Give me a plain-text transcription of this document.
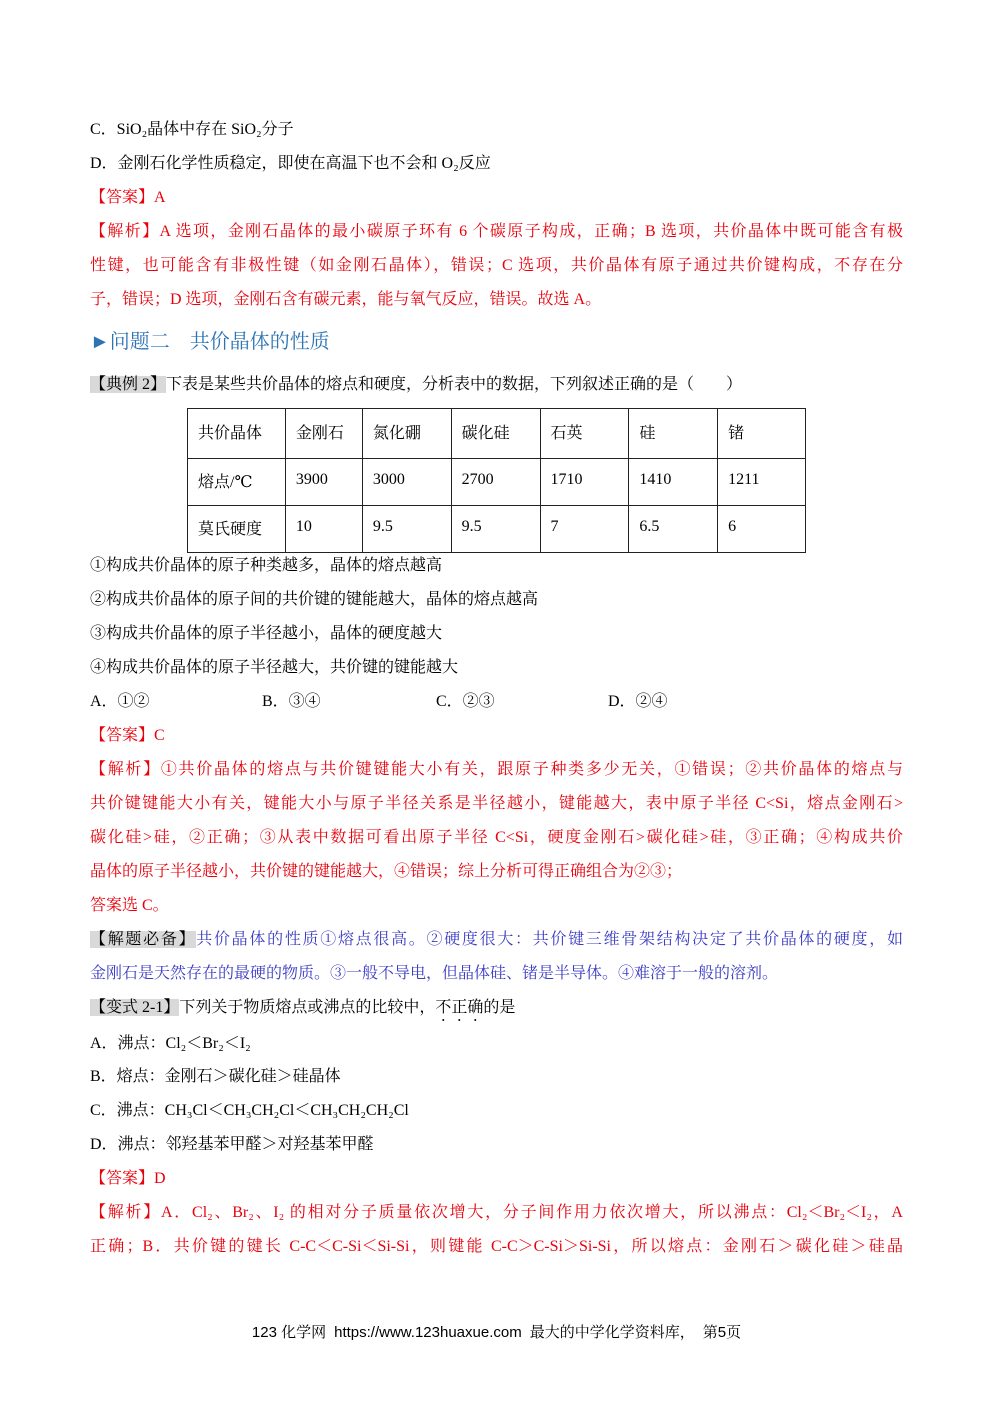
C．SiO₂晶体中存在 SiO₂分子
D．金刚石化学性质稳定，即使在高温下也不会和 O₂反应
【答案】A
【解析】A 选项，金刚石晶体的最小碳原子环有 6 个碳原子构成，正确；B 选项，共价晶体中既可能含有极
性键，也可能含有非极性键（如金刚石晶体），错误；C 选项，共价晶体有原子通过共价键构成，不存在分
子，错误；D 选项，金刚石含有碳元素，能与氧气反应，错误。故选 A。
►问题二 共价晶体的性质
【典例 2】下表是某些共价晶体的熔点和硬度，分析表中的数据，下列叙述正确的是（　　）
共价晶体	金刚石	氮化硼	碳化硅	石英	硅	锗
熔点/℃	3900	3000	2700	1710	1410	1211
莫氏硬度	10	9.5	9.5	7	6.5	6
①构成共价晶体的原子种类越多，晶体的熔点越高
②构成共价晶体的原子间的共价键的键能越大，晶体的熔点越高
③构成共价晶体的原子半径越小，晶体的硬度越大
④构成共价晶体的原子半径越大，共价键的键能越大
A．①②	B．③④	C．②③	D．②④
【答案】C
【解析】①共价晶体的熔点与共价键键能大小有关，跟原子种类多少无关，①错误；②共价晶体的熔点与
共价键键能大小有关，键能大小与原子半径关系是半径越小，键能越大，表中原子半径 C<Si，熔点金刚石>
碳化硅>硅，②正确；③从表中数据可看出原子半径 C<Si，硬度金刚石>碳化硅>硅，③正确；④构成共价
晶体的原子半径越小，共价键的键能越大，④错误；综上分析可得正确组合为②③；
答案选 C。
【解题必备】共价晶体的性质①熔点很高。②硬度很大：共价键三维骨架结构决定了共价晶体的硬度，如
金刚石是天然存在的最硬的物质。③一般不导电，但晶体硅、锗是半导体。④难溶于一般的溶剂。
【变式 2-1】下列关于物质熔点或沸点的比较中，不正确的是
A．沸点：Cl₂＜Br₂＜I₂
B．熔点：金刚石＞碳化硅＞硅晶体
C．沸点：CH₃Cl＜CH₃CH₂Cl＜CH₃CH₂CH₂Cl
D．沸点：邻羟基苯甲醛＞对羟基苯甲醛
【答案】D
【解析】A．Cl₂、Br₂、I₂ 的相对分子质量依次增大，分子间作用力依次增大，所以沸点：Cl₂＜Br₂＜I₂，A
正确；B．共价键的键长 C-C＜C-Si＜Si-Si，则键能 C-C＞C-Si＞Si-Si，所以熔点：金刚石＞碳化硅＞硅晶
123 化学网 https://www.123huaxue.com 最大的中学化学资料库， 第5页
